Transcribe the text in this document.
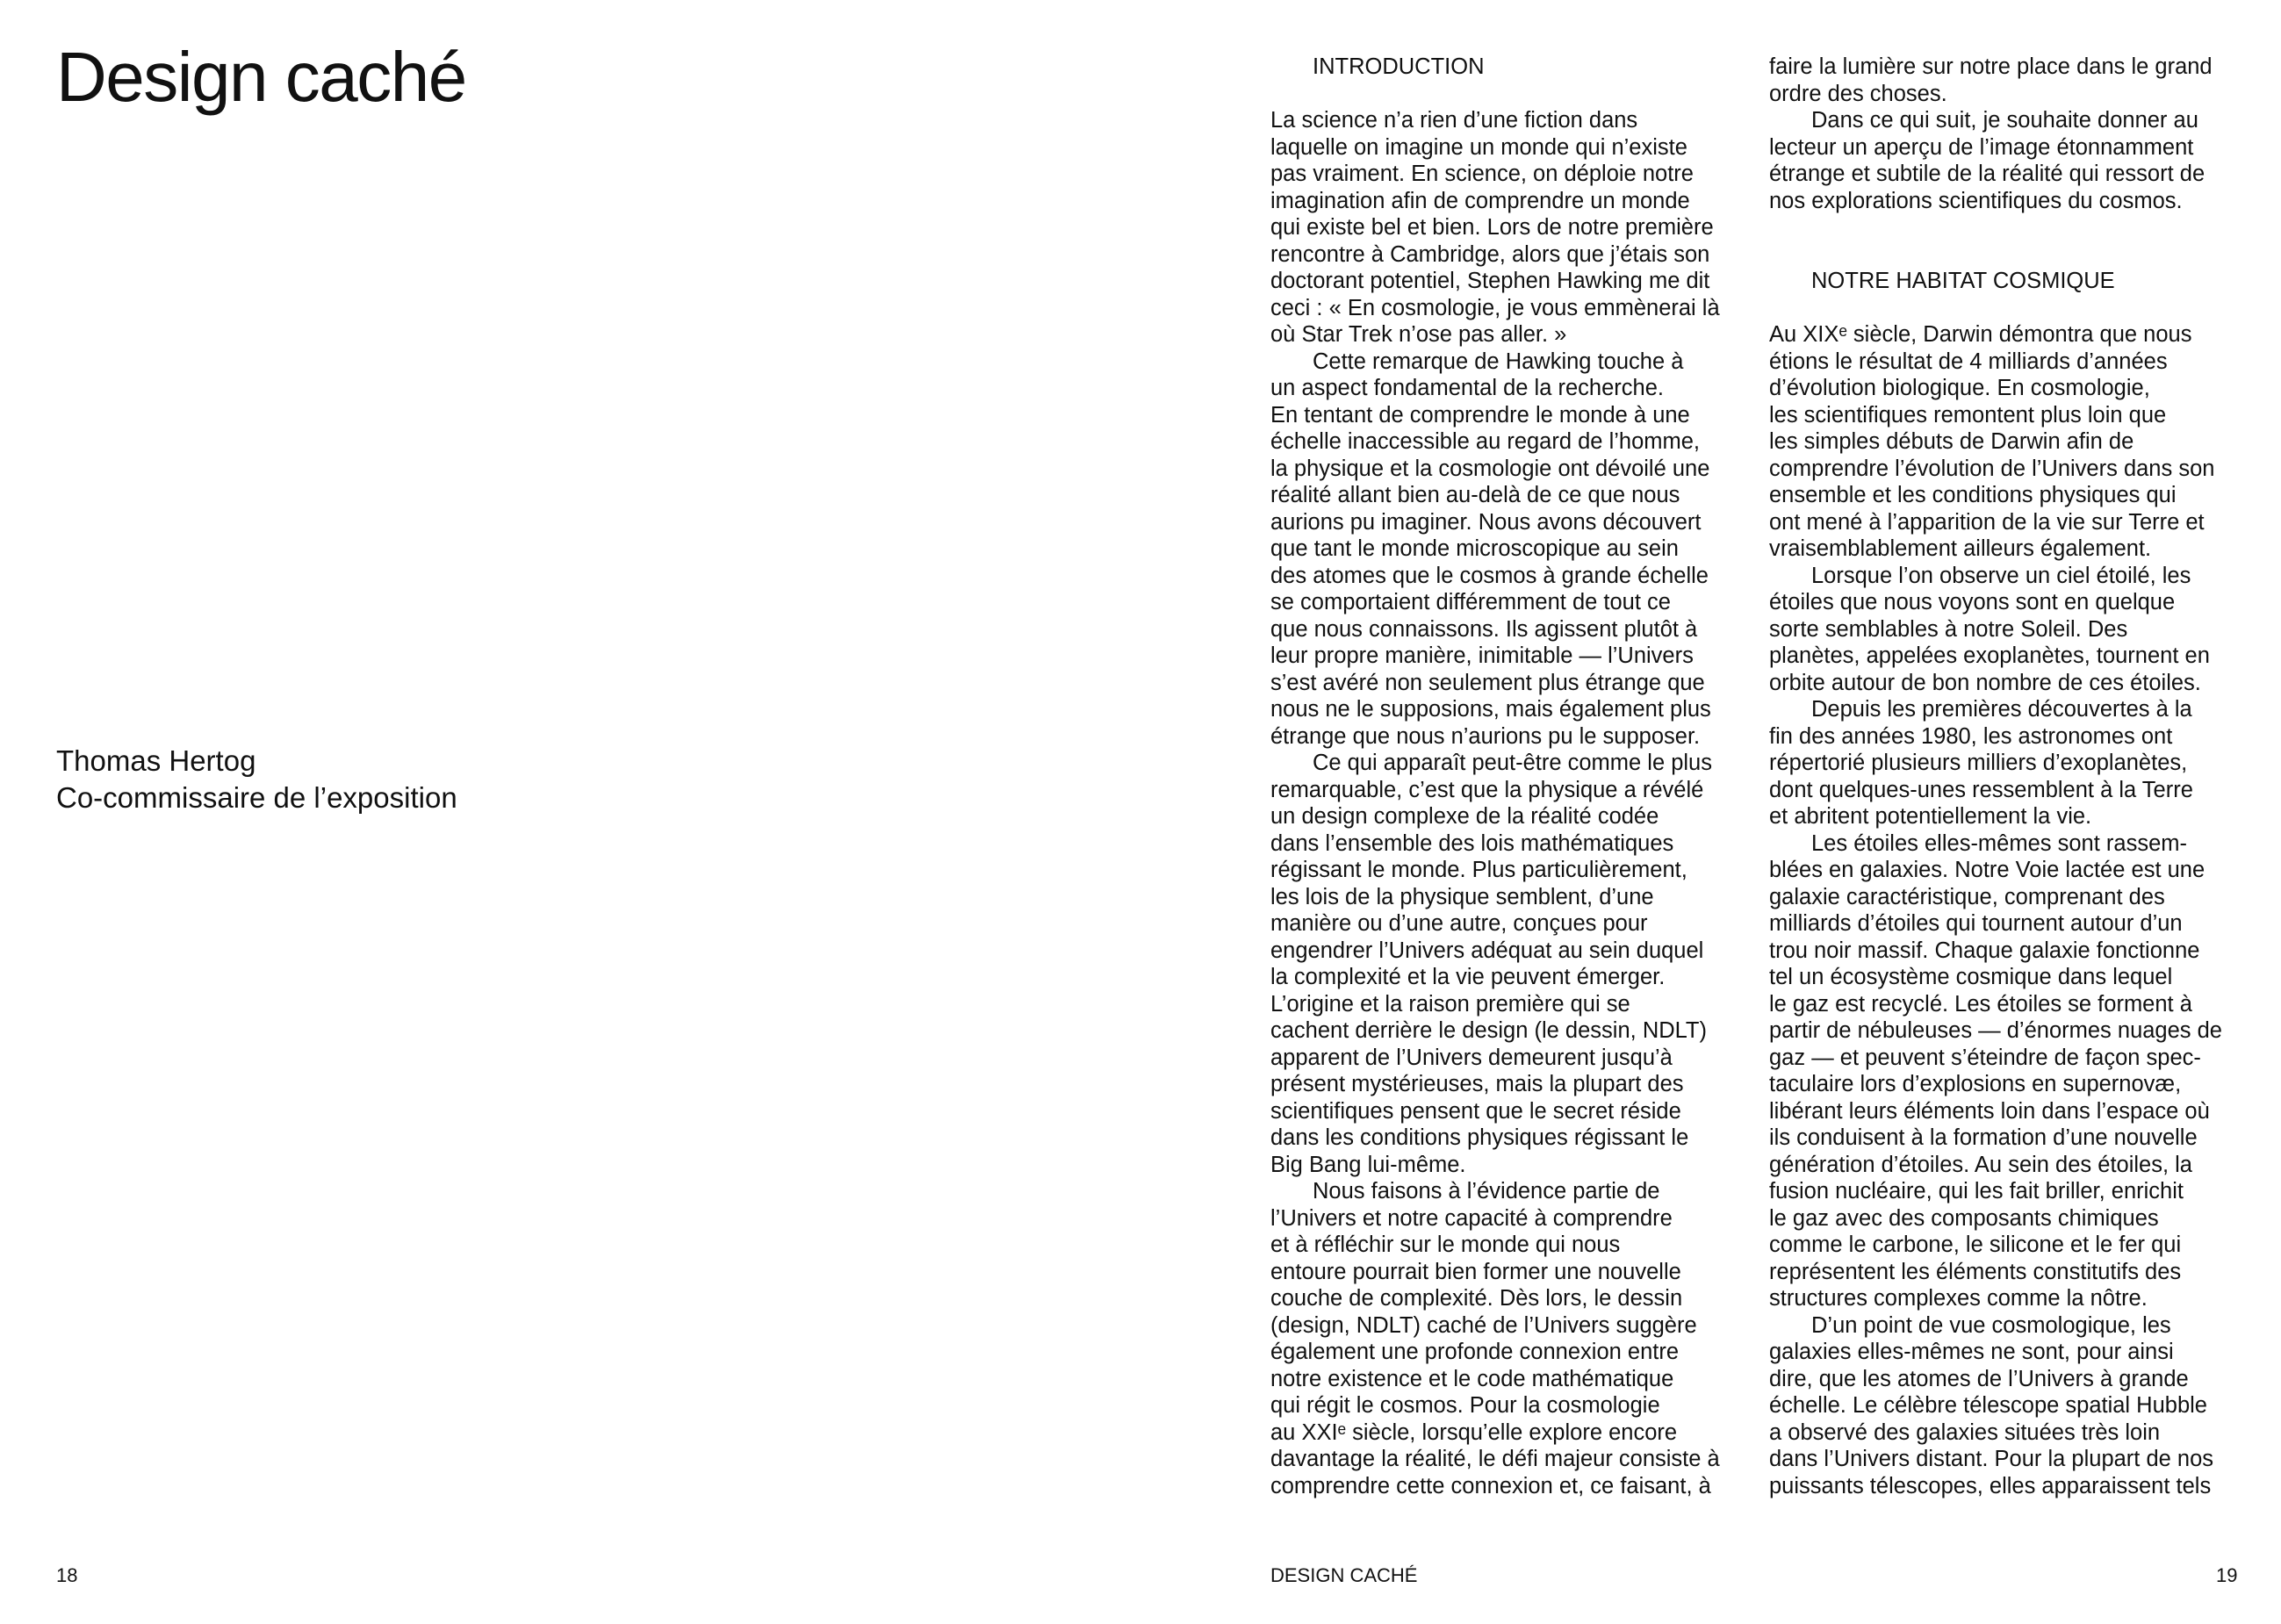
Design caché
Thomas Hertog
Co-commissaire de l’exposition
18	DESIGN CACHÉ	19
INTRODUCTION
La science n’a rien d’une fiction dans
laquelle on imagine un monde qui n’existe
pas vraiment. En science, on déploie notre
imagination afin de comprendre un monde
qui existe bel et bien. Lors de notre première
rencontre à Cambridge, alors que j’étais son
doctorant potentiel, Stephen Hawking me dit
ceci : « En cosmologie, je vous emmènerai là
où Star Trek n’ose pas aller. »
Cette remarque de Hawking touche à
un aspect fondamental de la recherche.
En tentant de comprendre le monde à une
échelle inaccessible au regard de l’homme,
la physique et la cosmologie ont dévoilé une
réalité allant bien au-delà de ce que nous
aurions pu imaginer. Nous avons découvert
que tant le monde microscopique au sein
des atomes que le cosmos à grande échelle
se comportaient différemment de tout ce
que nous connaissons. Ils agissent plutôt à
leur propre manière, inimitable — l’Univers
s’est avéré non seulement plus étrange que
nous ne le supposions, mais également plus
étrange que nous n’aurions pu le supposer.
Ce qui apparaît peut-être comme le plus
remarquable, c’est que la physique a révélé
un design complexe de la réalité codée
dans l’ensemble des lois mathématiques
régissant le monde. Plus particulièrement,
les lois de la physique semblent, d’une
manière ou d’une autre, conçues pour
engendrer l’Univers adéquat au sein duquel
la complexité et la vie peuvent émerger.
L’origine et la raison première qui se
cachent derrière le design (le dessin, NDLT)
apparent de l’Univers demeurent jusqu’à
présent mystérieuses, mais la plupart des
scientifiques pensent que le secret réside
dans les conditions physiques régissant le
Big Bang lui-même.
Nous faisons à l’évidence partie de
l’Univers et notre capacité à comprendre
et à réfléchir sur le monde qui nous
entoure pourrait bien former une nouvelle
couche de complexité. Dès lors, le dessin
(design, NDLT) caché de l’Univers suggère
également une profonde connexion entre
notre existence et le code mathématique
qui régit le cosmos. Pour la cosmologie
au XXIᵉ siècle, lorsqu’elle explore encore
davantage la réalité, le défi majeur consiste à
comprendre cette connexion et, ce faisant, à
faire la lumière sur notre place dans le grand
ordre des choses.
Dans ce qui suit, je souhaite donner au
lecteur un aperçu de l’image étonnamment
étrange et subtile de la réalité qui ressort de
nos explorations scientifiques du cosmos.
NOTRE HABITAT COSMIQUE
Au XIXᵉ siècle, Darwin démontra que nous
étions le résultat de 4 milliards d’années
d’évolution biologique. En cosmologie,
les scientifiques remontent plus loin que
les simples débuts de Darwin afin de
comprendre l’évolution de l’Univers dans son
ensemble et les conditions physiques qui
ont mené à l’apparition de la vie sur Terre et
vraisemblablement ailleurs également.
Lorsque l’on observe un ciel étoilé, les
étoiles que nous voyons sont en quelque
sorte semblables à notre Soleil. Des
planètes, appelées exoplanètes, tournent en
orbite autour de bon nombre de ces étoiles.
Depuis les premières découvertes à la
fin des années 1980, les astronomes ont
répertorié plusieurs milliers d’exoplanètes,
dont quelques-unes ressemblent à la Terre
et abritent potentiellement la vie.
Les étoiles elles-mêmes sont rassem-
blées en galaxies. Notre Voie lactée est une
galaxie caractéristique, comprenant des
milliards d’étoiles qui tournent autour d’un
trou noir massif. Chaque galaxie fonctionne
tel un écosystème cosmique dans lequel
le gaz est recyclé. Les étoiles se forment à
partir de nébuleuses — d’énormes nuages de
gaz — et peuvent s’éteindre de façon spec-
taculaire lors d’explosions en supernovæ,
libérant leurs éléments loin dans l’espace où
ils conduisent à la formation d’une nouvelle
génération d’étoiles. Au sein des étoiles, la
fusion nucléaire, qui les fait briller, enrichit
le gaz avec des composants chimiques
comme le carbone, le silicone et le fer qui
représentent les éléments constitutifs des
structures complexes comme la nôtre.
D’un point de vue cosmologique, les
galaxies elles-mêmes ne sont, pour ainsi
dire, que les atomes de l’Univers à grande
échelle. Le célèbre télescope spatial Hubble
a observé des galaxies situées très loin
dans l’Univers distant. Pour la plupart de nos
puissants télescopes, elles apparaissent tels
